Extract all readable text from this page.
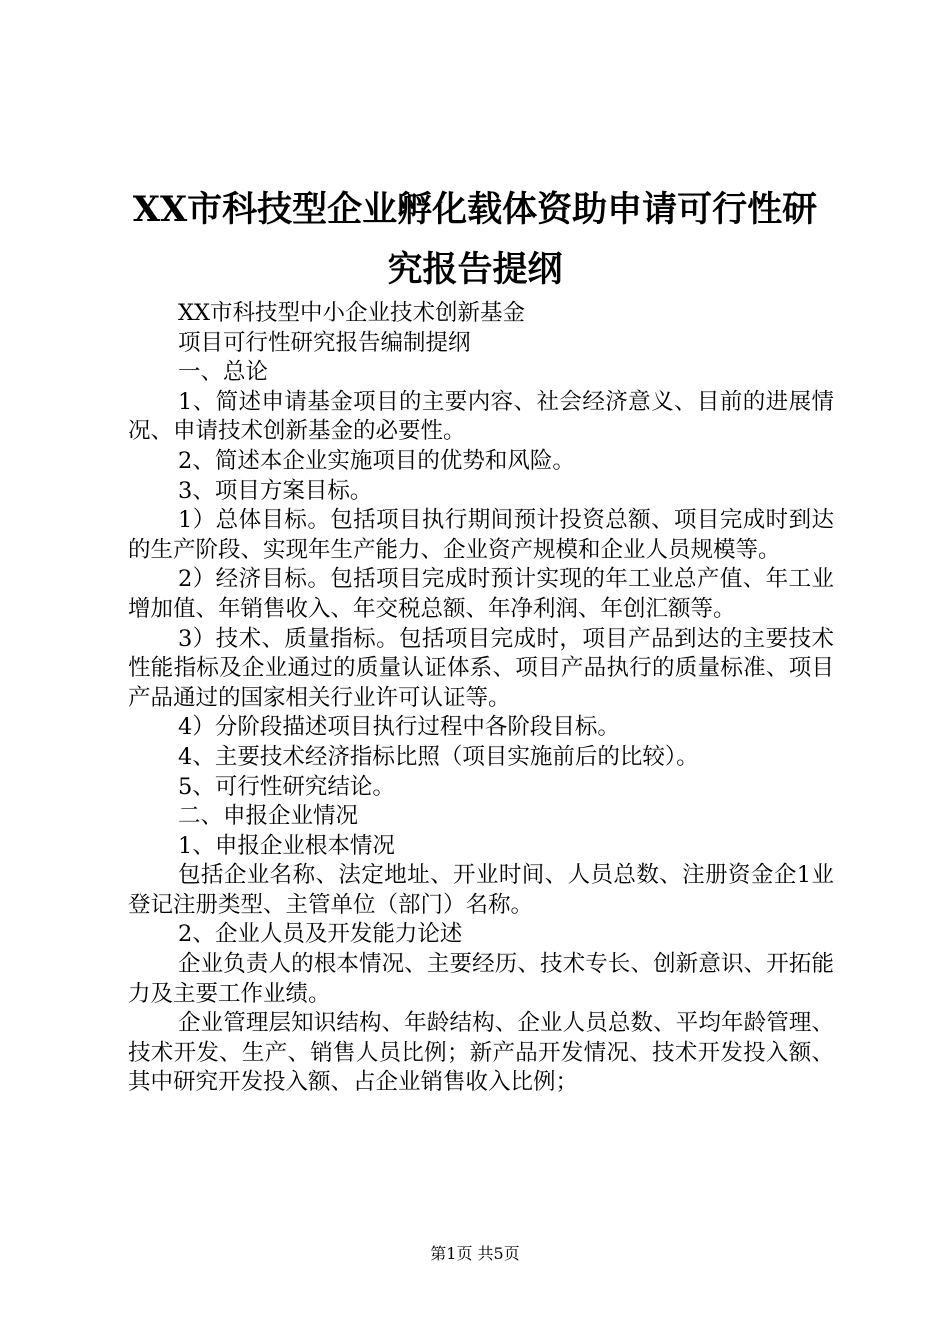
XX市科技型企业孵化载体资助申请可行性研
究报告提纲

XX市科技型中小企业技术创新基金

项目可行性研究报告编制提纲

一、总论

1、简述申请基金项目的主要内容、社会经济意义、目前的进展情况、申请技术创新基金的必要性。

2、简述本企业实施项目的优势和风险。

3、项目方案目标。

1）总体目标。包括项目执行期间预计投资总额、项目完成时到达的生产阶段、实现年生产能力、企业资产规模和企业人员规模等。

2）经济目标。包括项目完成时预计实现的年工业总产值、年工业增加值、年销售收入、年交税总额、年净利润、年创汇额等。

3）技术、质量指标。包括项目完成时，项目产品到达的主要技术性能指标及企业通过的质量认证体系、项目产品执行的质量标准、项目产品通过的国家相关行业许可认证等。

4）分阶段描述项目执行过程中各阶段目标。

4、主要技术经济指标比照（项目实施前后的比较）。

5、可行性研究结论。

二、申报企业情况

1、申报企业根本情况

包括企业名称、法定地址、开业时间、人员总数、注册资金企1业登记注册类型、主管单位（部门）名称。

2、企业人员及开发能力论述

企业负责人的根本情况、主要经历、技术专长、创新意识、开拓能力及主要工作业绩。

企业管理层知识结构、年龄结构、企业人员总数、平均年龄管理、技术开发、生产、销售人员比例；新产品开发情况、技术开发投入额、其中研究开发投入额、占企业销售收入比例；

第1页 共5页
